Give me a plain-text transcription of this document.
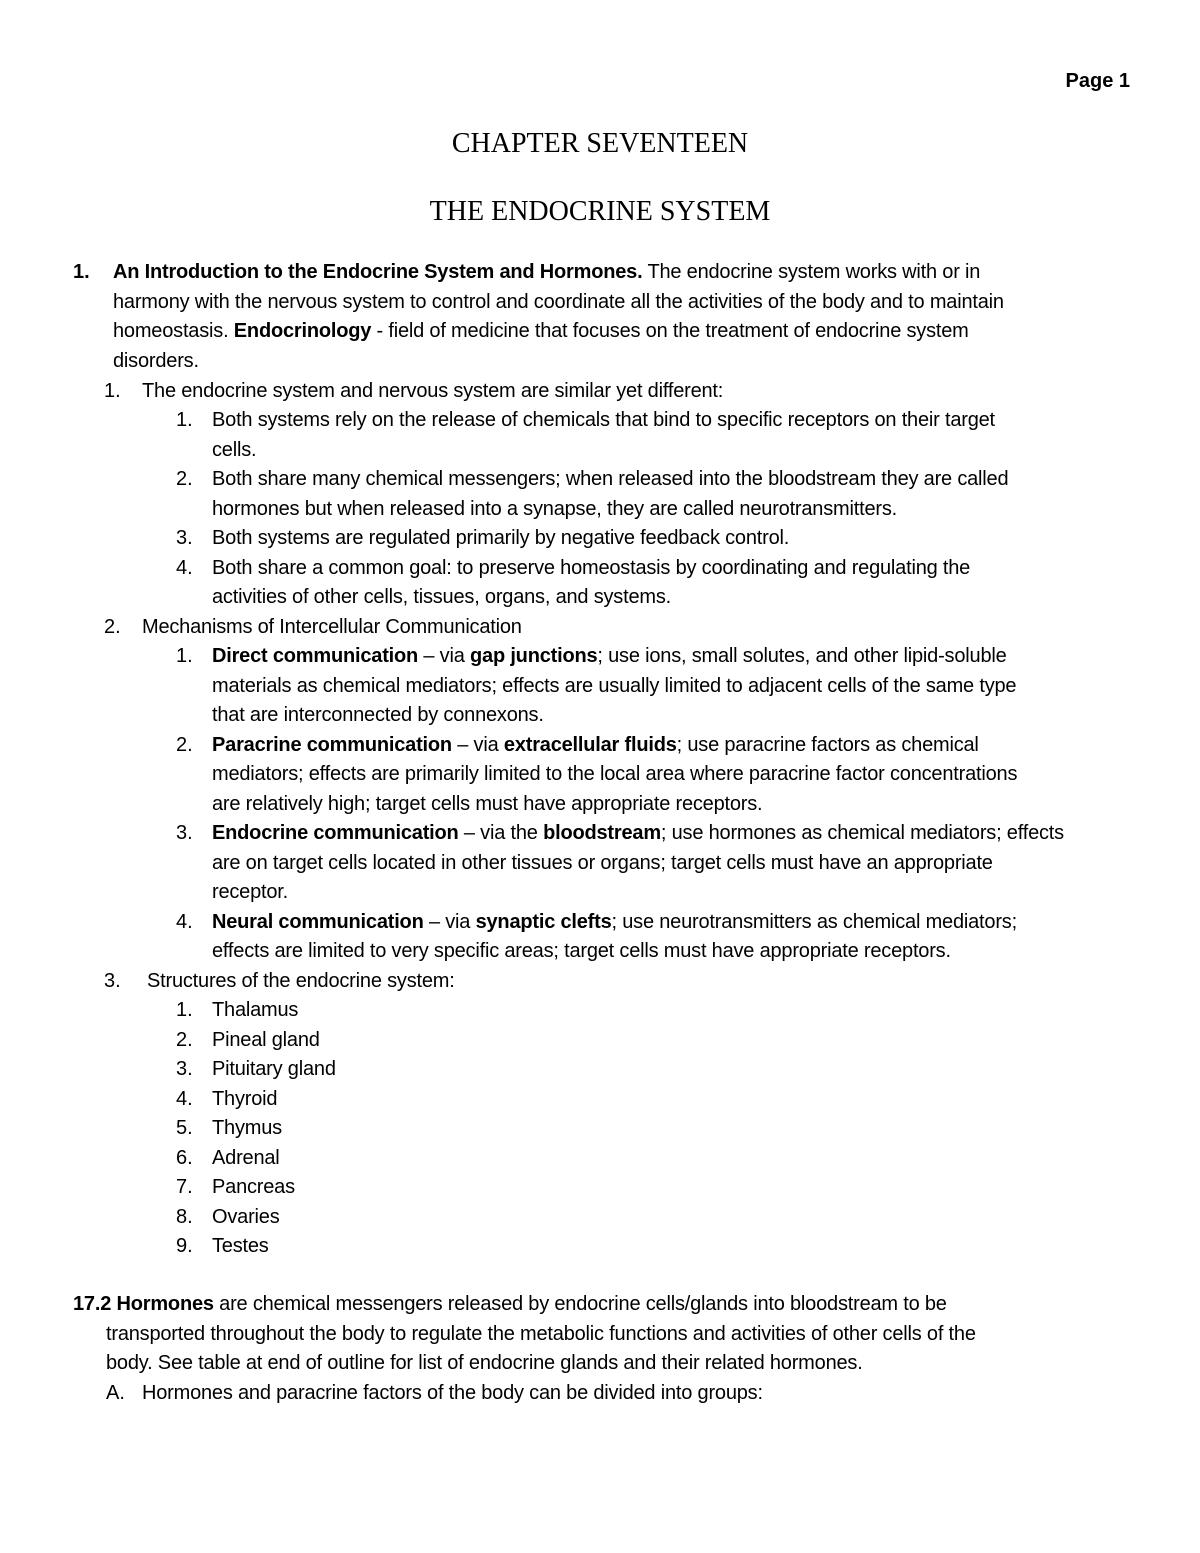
Page 1
CHAPTER SEVENTEEN
THE ENDOCRINE SYSTEM
1. An Introduction to the Endocrine System and Hormones. The endocrine system works with or in
harmony with the nervous system to control and coordinate all the activities of the body and to maintain
homeostasis. Endocrinology - field of medicine that focuses on the treatment of endocrine system
disorders.
1. The endocrine system and nervous system are similar yet different:
1. Both systems rely on the release of chemicals that bind to specific receptors on their target
cells.
2. Both share many chemical messengers; when released into the bloodstream they are called
hormones but when released into a synapse, they are called neurotransmitters.
3. Both systems are regulated primarily by negative feedback control.
4. Both share a common goal: to preserve homeostasis by coordinating and regulating the
activities of other cells, tissues, organs, and systems.
2. Mechanisms of Intercellular Communication
1. Direct communication – via gap junctions; use ions, small solutes, and other lipid-soluble
materials as chemical mediators; effects are usually limited to adjacent cells of the same type
that are interconnected by connexons.
2. Paracrine communication – via extracellular fluids; use paracrine factors as chemical
mediators; effects are primarily limited to the local area where paracrine factor concentrations
are relatively high; target cells must have appropriate receptors.
3. Endocrine communication – via the bloodstream; use hormones as chemical mediators; effects
are on target cells located in other tissues or organs; target cells must have an appropriate
receptor.
4. Neural communication – via synaptic clefts; use neurotransmitters as chemical mediators;
effects are limited to very specific areas; target cells must have appropriate receptors.
3. Structures of the endocrine system:
1. Thalamus
2. Pineal gland
3. Pituitary gland
4. Thyroid
5. Thymus
6. Adrenal
7. Pancreas
8. Ovaries
9. Testes
17.2 Hormones are chemical messengers released by endocrine cells/glands into bloodstream to be
transported throughout the body to regulate the metabolic functions and activities of other cells of the
body. See table at end of outline for list of endocrine glands and their related hormones.
A. Hormones and paracrine factors of the body can be divided into groups:
